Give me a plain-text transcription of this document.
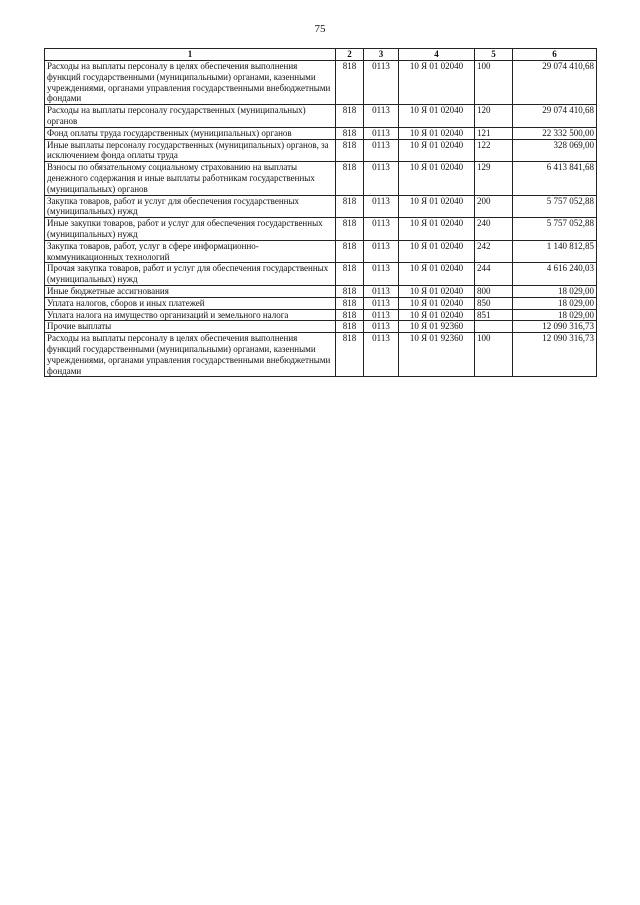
75
1	2	3	4	5	6
Расходы на выплаты персоналу в целях обеспечения выполнения функций государственными (муниципальными) органами, казенными учреждениями, органами управления государственными внебюджетными фондами	818	0113	10 Я 01 02040	100	29 074 410,68
Расходы на выплаты персоналу государственных (муниципальных) органов	818	0113	10 Я 01 02040	120	29 074 410,68
Фонд оплаты труда государственных (муниципальных) органов	818	0113	10 Я 01 02040	121	22 332 500,00
Иные выплаты персоналу государственных (муниципальных) органов, за исключением фонда оплаты труда	818	0113	10 Я 01 02040	122	328 069,00
Взносы по обязательному социальному страхованию на выплаты денежного содержания и иные выплаты работникам государственных (муниципальных) органов	818	0113	10 Я 01 02040	129	6 413 841,68
Закупка товаров, работ и услуг для обеспечения государственных (муниципальных) нужд	818	0113	10 Я 01 02040	200	5 757 052,88
Иные закупки товаров, работ и услуг для обеспечения государственных (муниципальных) нужд	818	0113	10 Я 01 02040	240	5 757 052,88
Закупка товаров, работ, услуг в сфере информационно-коммуникационных технологий	818	0113	10 Я 01 02040	242	1 140 812,85
Прочая закупка товаров, работ и услуг для обеспечения государственных (муниципальных) нужд	818	0113	10 Я 01 02040	244	4 616 240,03
Иные бюджетные ассигнования	818	0113	10 Я 01 02040	800	18 029,00
Уплата налогов, сборов и иных платежей	818	0113	10 Я 01 02040	850	18 029,00
Уплата налога на имущество организаций и земельного налога	818	0113	10 Я 01 02040	851	18 029,00
Прочие выплаты	818	0113	10 Я 01 92360		12 090 316,73
Расходы на выплаты персоналу в целях обеспечения выполнения функций государственными (муниципальными) органами, казенными учреждениями, органами управления государственными внебюджетными фондами	818	0113	10 Я 01 92360	100	12 090 316,73
